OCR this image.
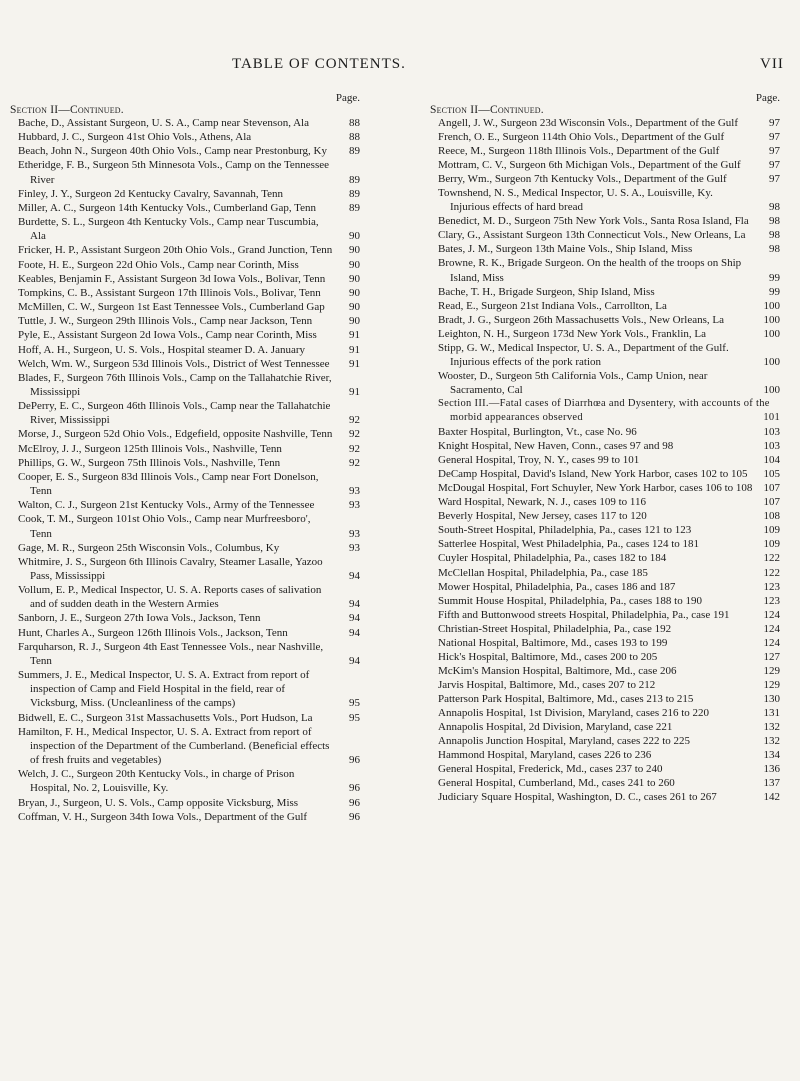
TABLE OF CONTENTS.	VII
Page.
Section II—Continued.
Bache, D., Assistant Surgeon, U. S. A., Camp near Stevenson, Ala	88
Hubbard, J. C., Surgeon 41st Ohio Vols., Athens, Ala	88
Beach, John N., Surgeon 40th Ohio Vols., Camp near Prestonburg, Ky	89
Etheridge, F. B., Surgeon 5th Minnesota Vols., Camp on the Tennessee River	89
Finley, J. Y., Surgeon 2d Kentucky Cavalry, Savannah, Tenn	89
Miller, A. C., Surgeon 14th Kentucky Vols., Cumberland Gap, Tenn	89
Burdette, S. L., Surgeon 4th Kentucky Vols., Camp near Tuscumbia, Ala	90
Fricker, H. P., Assistant Surgeon 20th Ohio Vols., Grand Junction, Tenn	90
Foote, H. E., Surgeon 22d Ohio Vols., Camp near Corinth, Miss	90
Keables, Benjamin F., Assistant Surgeon 3d Iowa Vols., Bolivar, Tenn	90
Tompkins, C. B., Assistant Surgeon 17th Illinois Vols., Bolivar, Tenn	90
McMillen, C. W., Surgeon 1st East Tennessee Vols., Cumberland Gap	90
Tuttle, J. W., Surgeon 29th Illinois Vols., Camp near Jackson, Tenn	90
Pyle, E., Assistant Surgeon 2d Iowa Vols., Camp near Corinth, Miss	91
Hoff, A. H., Surgeon, U. S. Vols., Hospital steamer D. A. January	91
Welch, Wm. W., Surgeon 53d Illinois Vols., District of West Tennessee	91
Blades, F., Surgeon 76th Illinois Vols., Camp on the Tallahatchie River, Mississippi	91
DePerry, E. C., Surgeon 46th Illinois Vols., Camp near the Tallahatchie River, Mississippi	92
Morse, J., Surgeon 52d Ohio Vols., Edgefield, opposite Nashville, Tenn	92
McElroy, J. J., Surgeon 125th Illinois Vols., Nashville, Tenn	92
Phillips, G. W., Surgeon 75th Illinois Vols., Nashville, Tenn	92
Cooper, E. S., Surgeon 83d Illinois Vols., Camp near Fort Donelson, Tenn	93
Walton, C. J., Surgeon 21st Kentucky Vols., Army of the Tennessee	93
Cook, T. M., Surgeon 101st Ohio Vols., Camp near Murfreesboro', Tenn	93
Gage, M. R., Surgeon 25th Wisconsin Vols., Columbus, Ky	93
Whitmire, J. S., Surgeon 6th Illinois Cavalry, Steamer Lasalle, Yazoo Pass, Mississippi	94
Vollum, E. P., Medical Inspector, U. S. A. Reports cases of salivation and of sudden death in the Western Armies	94
Sanborn, J. E., Surgeon 27th Iowa Vols., Jackson, Tenn	94
Hunt, Charles A., Surgeon 126th Illinois Vols., Jackson, Tenn	94
Farquharson, R. J., Surgeon 4th East Tennessee Vols., near Nashville, Tenn	94
Summers, J. E., Medical Inspector, U. S. A. Extract from report of inspection of Camp and Field Hospital in the field, rear of Vicksburg, Miss. (Uncleanliness of the camps)	95
Bidwell, E. C., Surgeon 31st Massachusetts Vols., Port Hudson, La	95
Hamilton, F. H., Medical Inspector, U. S. A. Extract from report of inspection of the Department of the Cumberland. (Beneficial effects of fresh fruits and vegetables)	96
Welch, J. C., Surgeon 20th Kentucky Vols., in charge of Prison Hospital, No. 2, Louisville, Ky.	96
Bryan, J., Surgeon, U. S. Vols., Camp opposite Vicksburg, Miss	96
Coffman, V. H., Surgeon 34th Iowa Vols., Department of the Gulf	96
Page.
Section II—Continued.
Angell, J. W., Surgeon 23d Wisconsin Vols., Department of the Gulf	97
French, O. E., Surgeon 114th Ohio Vols., Department of the Gulf	97
Reece, M., Surgeon 118th Illinois Vols., Department of the Gulf	97
Mottram, C. V., Surgeon 6th Michigan Vols., Department of the Gulf	97
Berry, Wm., Surgeon 7th Kentucky Vols., Department of the Gulf	97
Townshend, N. S., Medical Inspector, U. S. A., Louisville, Ky. Injurious effects of hard bread	98
Benedict, M. D., Surgeon 75th New York Vols., Santa Rosa Island, Fla	98
Clary, G., Assistant Surgeon 13th Connecticut Vols., New Orleans, La	98
Bates, J. M., Surgeon 13th Maine Vols., Ship Island, Miss	98
Browne, R. K., Brigade Surgeon. On the health of the troops on Ship Island, Miss	99
Bache, T. H., Brigade Surgeon, Ship Island, Miss	99
Read, E., Surgeon 21st Indiana Vols., Carrollton, La	100
Bradt, J. G., Surgeon 26th Massachusetts Vols., New Orleans, La	100
Leighton, N. H., Surgeon 173d New York Vols., Franklin, La	100
Stipp, G. W., Medical Inspector, U. S. A., Department of the Gulf. Injurious effects of the pork ration	100
Wooster, D., Surgeon 5th California Vols., Camp Union, near Sacramento, Cal	100
Section III.—Fatal cases of Diarrhœa and Dysentery, with accounts of the morbid appearances observed	101
Baxter Hospital, Burlington, Vt., case No. 96	103
Knight Hospital, New Haven, Conn., cases 97 and 98	103
General Hospital, Troy, N. Y., cases 99 to 101	104
DeCamp Hospital, David's Island, New York Harbor, cases 102 to 105	105
McDougal Hospital, Fort Schuyler, New York Harbor, cases 106 to 108	107
Ward Hospital, Newark, N. J., cases 109 to 116	107
Beverly Hospital, New Jersey, cases 117 to 120	108
South-Street Hospital, Philadelphia, Pa., cases 121 to 123	109
Satterlee Hospital, West Philadelphia, Pa., cases 124 to 181	109
Cuyler Hospital, Philadelphia, Pa., cases 182 to 184	122
McClellan Hospital, Philadelphia, Pa., case 185	122
Mower Hospital, Philadelphia, Pa., cases 186 and 187	123
Summit House Hospital, Philadelphia, Pa., cases 188 to 190	123
Fifth and Buttonwood streets Hospital, Philadelphia, Pa., case 191	124
Christian-Street Hospital, Philadelphia, Pa., case 192	124
National Hospital, Baltimore, Md., cases 193 to 199	124
Hick's Hospital, Baltimore, Md., cases 200 to 205	127
McKim's Mansion Hospital, Baltimore, Md., case 206	129
Jarvis Hospital, Baltimore, Md., cases 207 to 212	129
Patterson Park Hospital, Baltimore, Md., cases 213 to 215	130
Annapolis Hospital, 1st Division, Maryland, cases 216 to 220	131
Annapolis Hospital, 2d Division, Maryland, case 221	132
Annapolis Junction Hospital, Maryland, cases 222 to 225	132
Hammond Hospital, Maryland, cases 226 to 236	134
General Hospital, Frederick, Md., cases 237 to 240	136
General Hospital, Cumberland, Md., cases 241 to 260	137
Judiciary Square Hospital, Washington, D. C., cases 261 to 267	142
